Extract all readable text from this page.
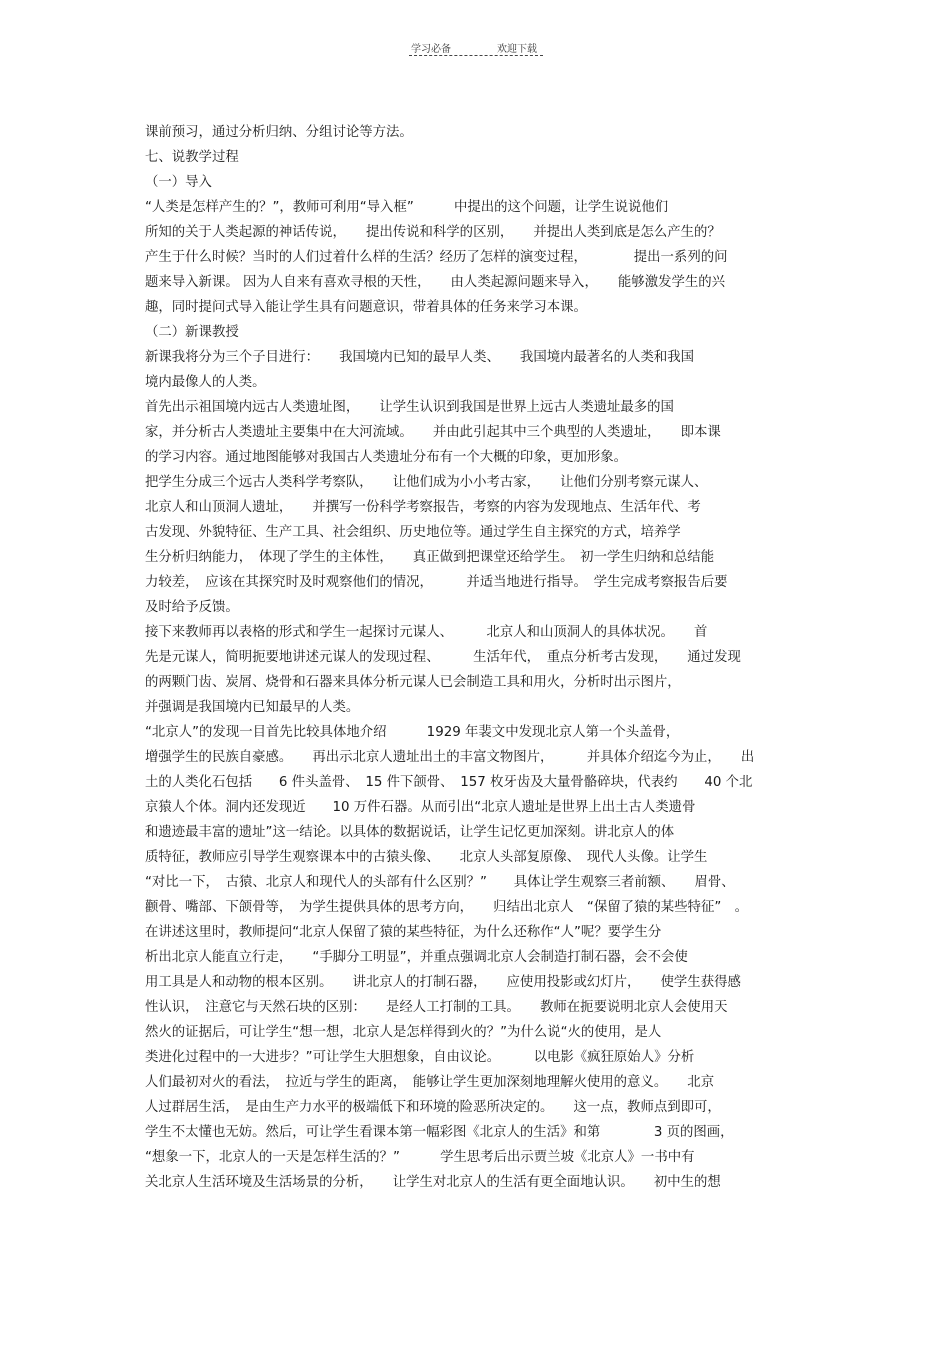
学习必备	欢迎下载
课前预习，通过分析归纳、分组讨论等方法。
七、说教学过程
（一）导入
“人类是怎样产生的？”，教师可利用“导入框”　　　中提出的这个问题，让学生说说他们
所知的关于人类起源的神话传说，　　提出传说和科学的区别，　　并提出人类到底是怎么产生的？
产生于什么时候？当时的人们过着什么样的生活？经历了怎样的演变过程，　　　　提出一系列的问
题来导入新课。 因为人自来有喜欢寻根的天性，　　由人类起源问题来导入，　　能够激发学生的兴
趣，同时提问式导入能让学生具有问题意识，带着具体的任务来学习本课。
（二）新课教授
新课我将分为三个子目进行：　　我国境内已知的最早人类、　　我国境内最著名的人类和我国
境内最像人的人类。
首先出示祖国境内远古人类遗址图，　　让学生认识到我国是世界上远古人类遗址最多的国
家，并分析古人类遗址主要集中在大河流域。　　并由此引起其中三个典型的人类遗址，　　即本课
的学习内容。通过地图能够对我国古人类遗址分布有一个大概的印象，更加形象。
把学生分成三个远古人类科学考察队，　　让他们成为小小考古家，　　让他们分别考察元谋人、
北京人和山顶洞人遗址，　　并撰写一份科学考察报告，考察的内容为发现地点、生活年代、考
古发现、外貌特征、生产工具、社会组织、历史地位等。通过学生自主探究的方式，培养学
生分析归纳能力，　体现了学生的主体性，　　真正做到把课堂还给学生。　初一学生归纳和总结能
力较差，　应该在其探究时及时观察他们的情况，　　　并适当地进行指导。　学生完成考察报告后要
及时给予反馈。
接下来教师再以表格的形式和学生一起探讨元谋人、　　　北京人和山顶洞人的具体状况。　　首
先是元谋人，简明扼要地讲述元谋人的发现过程、　　　生活年代，　重点分析考古发现，　　通过发现
的两颗门齿、炭屑、烧骨和石器来具体分析元谋人已会制造工具和用火，分析时出示图片，
并强调是我国境内已知最早的人类。
“北京人”的发现一目首先比较具体地介绍　　　1929 年裴文中发现北京人第一个头盖骨，
增强学生的民族自豪感。　　再出示北京人遗址出土的丰富文物图片，　　　并具体介绍迄今为止，　　出
土的人类化石包括　　6 件头盖骨、　15 件下颌骨、　157 枚牙齿及大量骨骼碎块，代表约　　40 个北
京猿人个体。洞内还发现近　　10 万件石器。从而引出“北京人遗址是世界上出土古人类遗骨
和遗迹最丰富的遗址”这一结论。以具体的数据说话，让学生记忆更加深刻。讲北京人的体
质特征，教师应引导学生观察课本中的古猿头像、　　北京人头部复原像、　现代人头像。让学生
“对比一下，　古猿、北京人和现代人的头部有什么区别？”　　具体让学生观察三者前额、　　眉骨、
颧骨、嘴部、下颌骨等，　为学生提供具体的思考方向，　　归结出北京人　“保留了猿的某些特征”　。
在讲述这里时，教师提问“北京人保留了猿的某些特征，为什么还称作“人”呢？要学生分
析出北京人能直立行走，　　“手脚分工明显”，并重点强调北京人会制造打制石器，会不会使
用工具是人和动物的根本区别。　　讲北京人的打制石器，　　应使用投影或幻灯片，　　使学生获得感
性认识，　注意它与天然石块的区别：　　是经人工打制的工具。　　教师在扼要说明北京人会使用天
然火的证据后，可让学生“想一想，北京人是怎样得到火的？”为什么说“火的使用，是人
类进化过程中的一大进步？”可让学生大胆想象，自由议论。　　　以电影《疯狂原始人》分析
人们最初对火的看法，　拉近与学生的距离，　能够让学生更加深刻地理解火使用的意义。　　北京
人过群居生活，　是由生产力水平的极端低下和环境的险恶所决定的。　　这一点，教师点到即可，
学生不太懂也无妨。然后，可让学生看课本第一幅彩图《北京人的生活》和第　　　　3 页的图画，
“想象一下，北京人的一天是怎样生活的？”　　　学生思考后出示贾兰坡《北京人》一书中有
关北京人生活环境及生活场景的分析，　　让学生对北京人的生活有更全面地认识。　　初中生的想
